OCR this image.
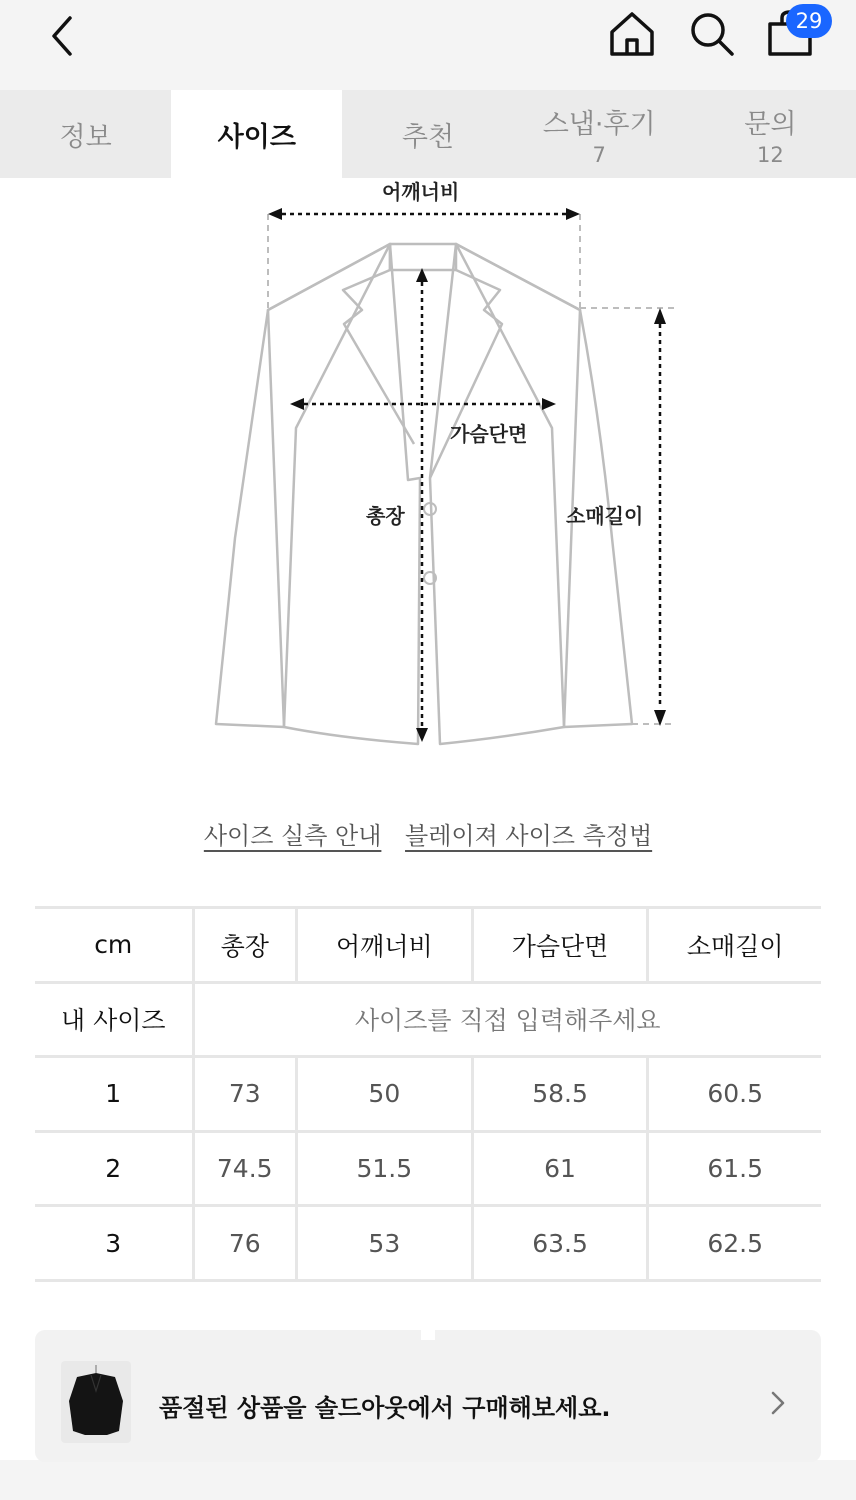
29
정보	사이즈	추천	스냅·후기
7
문의
12
어깨너비
가슴단면
총장	소매길이
사이즈 실측 안내 블레이져 사이즈 측정법
cm	총장	어깨너비	가슴단면	소매길이
내 사이즈	사이즈를 직접 입력해주세요			
1	73	50	58.5	60.5
2	74.5	51.5	61	61.5
3	76	53	63.5	62.5
품절된 상품을 솔드아웃에서 구매해보세요.
